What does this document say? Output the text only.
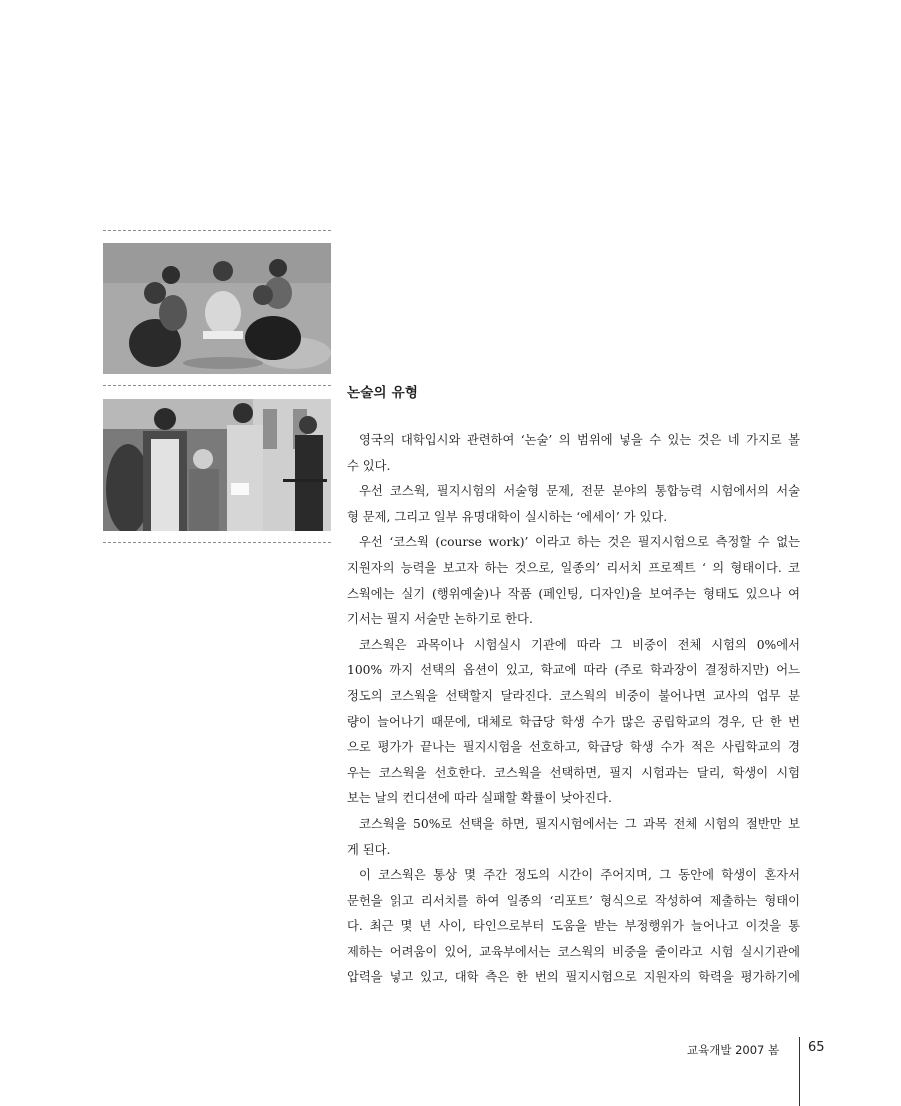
논술의 유형
영국의 대학입시와 관련하여 ‘논술’ 의 범위에 넣을 수 있는 것은 네 가지로 볼
수 있다.
우선 코스웍, 필지시험의 서술형 문제, 전문 분야의 통합능력 시험에서의 서술
형 문제, 그리고 일부 유명대학이 실시하는 ‘에세이’ 가 있다.
우선 ‘코스웍 (course work)’ 이라고 하는 것은 필지시험으로 측정할 수 없는
지원자의 능력을 보고자 하는 것으로, 일종의’ 리서치 프로젝트 ‘ 의 형태이다. 코
스웍에는 실기 (행위예술)나 작품 (페인팅, 디자인)을 보여주는 형태도 있으나 여
기서는 필지 서술만 논하기로 한다.
코스웍은 과목이나 시험실시 기관에 따라 그 비중이 전체 시험의 0%에서
100% 까지 선택의 옵션이 있고, 학교에 따라 (주로 학과장이 결정하지만) 어느
정도의 코스웍을 선택할지 달라진다. 코스웍의 비중이 불어나면 교사의 업무 분
량이 늘어나기 때문에, 대체로 학급당 학생 수가 많은 공립학교의 경우, 단 한 번
으로 평가가 끝나는 필지시험을 선호하고, 학급당 학생 수가 적은 사립학교의 경
우는 코스웍을 선호한다. 코스웍을 선택하면, 필지 시험과는 달리, 학생이 시험
보는 날의 컨디션에 따라 실패할 확률이 낮아진다.
코스웍을 50%로 선택을 하면, 필지시험에서는 그 과목 전체 시험의 절반만 보
게 된다.
이 코스웍은 통상 몇 주간 정도의 시간이 주어지며, 그 동안에 학생이 혼자서
문헌을 읽고 리서치를 하여 일종의 ‘리포트’ 형식으로 작성하여 제출하는 형태이
다. 최근 몇 년 사이, 타인으로부터 도움을 받는 부정행위가 늘어나고 이것을 통
제하는 어려움이 있어, 교육부에서는 코스웍의 비중을 줄이라고 시험 실시기관에
압력을 넣고 있고, 대학 측은 한 번의 필지시험으로 지원자의 학력을 평가하기에
교육개발 2007 봄 65
